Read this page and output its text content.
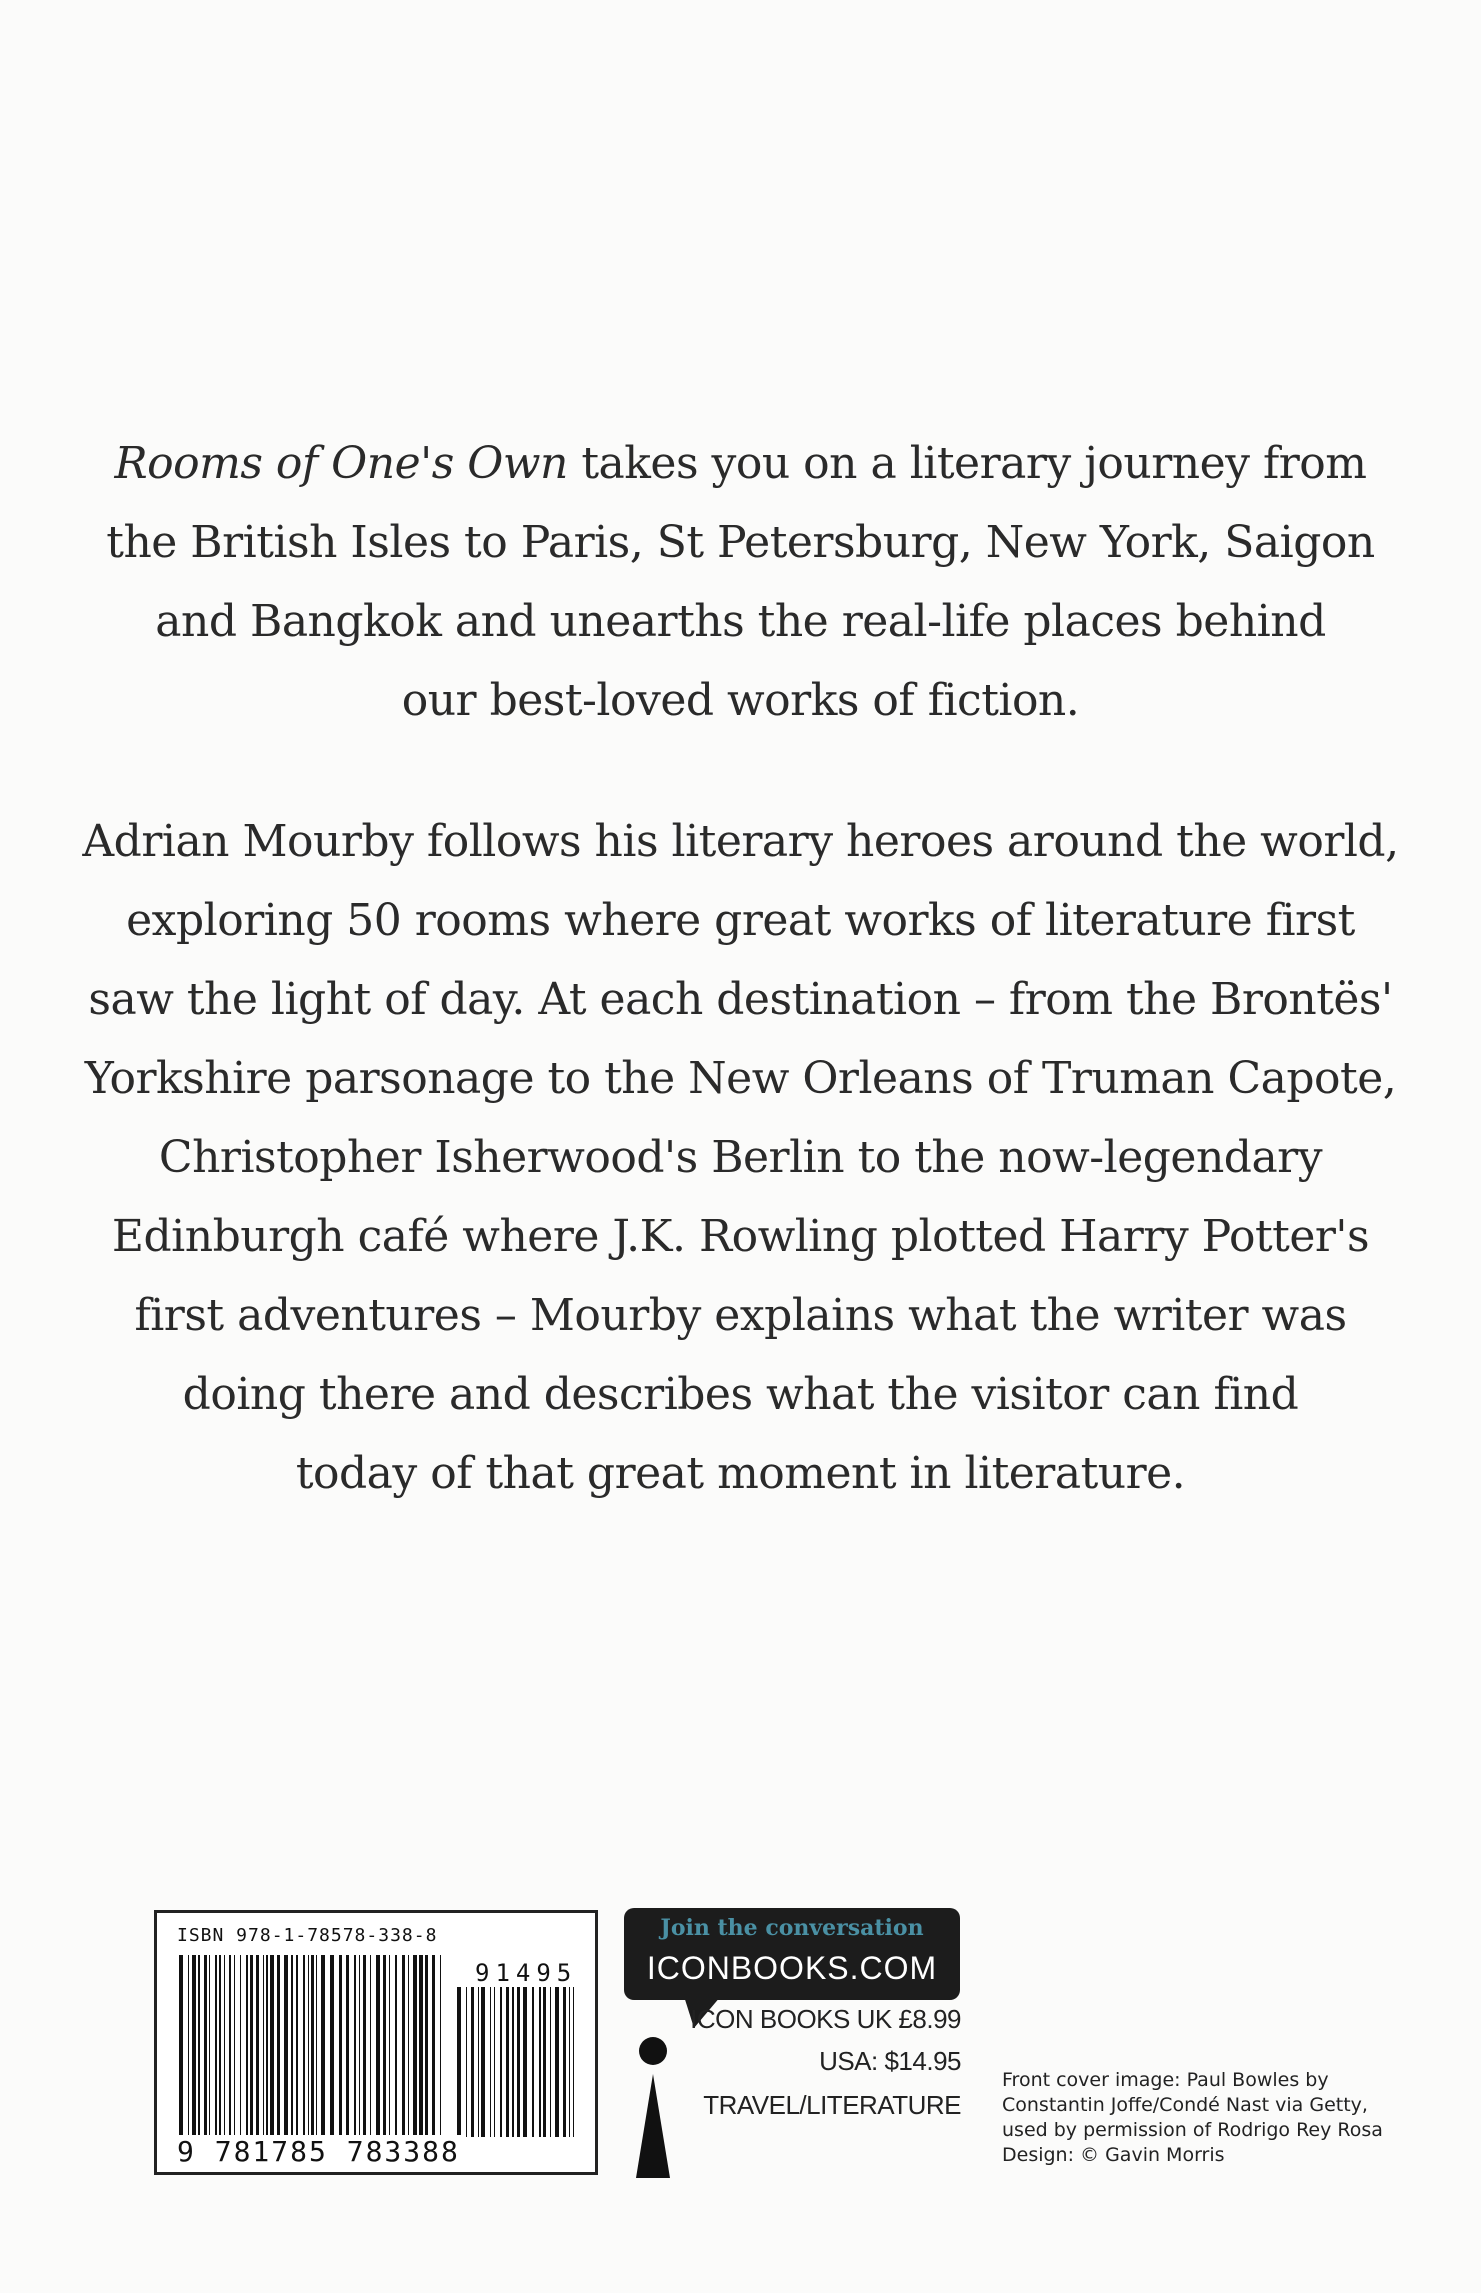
Rooms of One's Own takes you on a literary journey from
the British Isles to Paris, St Petersburg, New York, Saigon
and Bangkok and unearths the real-life places behind
our best-loved works of fiction.
Adrian Mourby follows his literary heroes around the world,
exploring 50 rooms where great works of literature first
saw the light of day. At each destination – from the Brontës'
Yorkshire parsonage to the New Orleans of Truman Capote,
Christopher Isherwood's Berlin to the now-legendary
Edinburgh café where J.K. Rowling plotted Harry Potter's
first adventures – Mourby explains what the writer was
doing there and describes what the visitor can find
today of that great moment in literature.
ISBN 978-1-78578-338-8
91495
9 781785 783388
Join the conversation
ICONBOOKS.COM
ICON BOOKS UK £8.99
USA: $14.95
TRAVEL/LITERATURE
Front cover image: Paul Bowles by
Constantin Joffe/Condé Nast via Getty,
used by permission of Rodrigo Rey Rosa
Design: © Gavin Morris
